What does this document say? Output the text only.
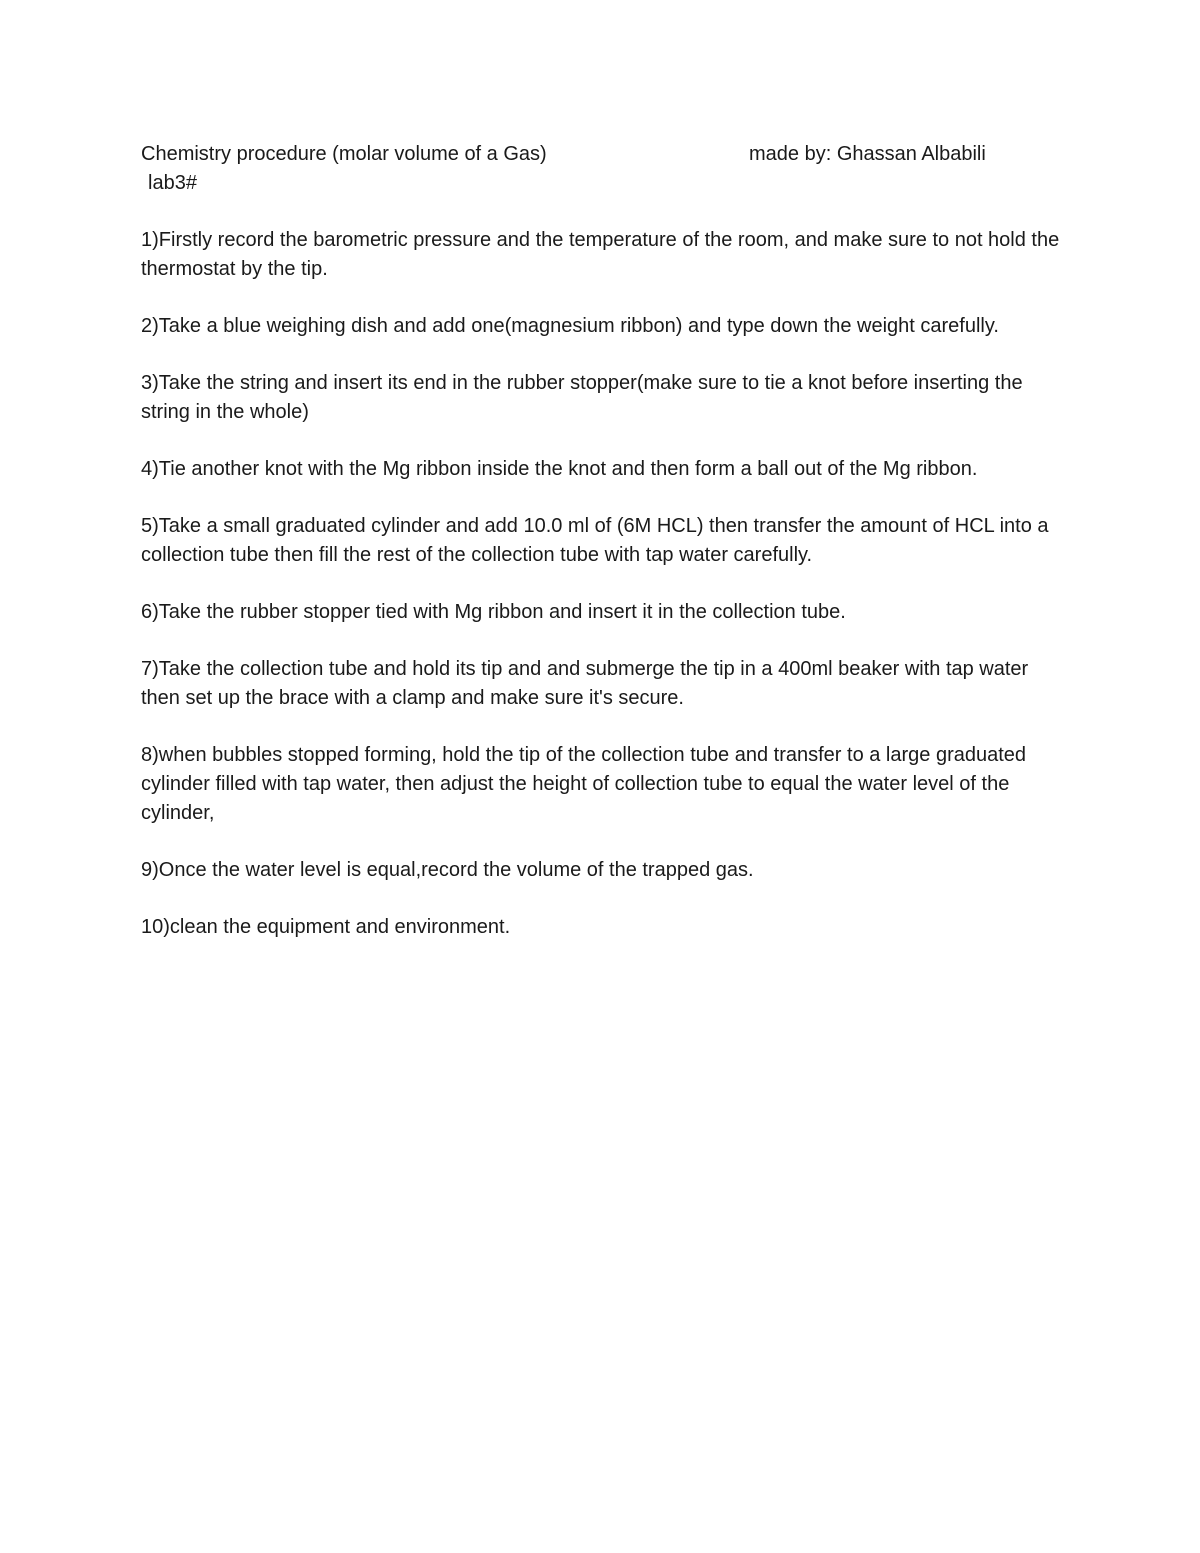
Chemistry procedure (molar volume of a Gas)	made by: Ghassan Albabili
lab3#

1)Firstly record the barometric pressure and the temperature of the room, and make sure to not hold the thermostat by the tip.

2)Take a blue weighing dish and add one(magnesium ribbon) and type down the weight carefully.

3)Take the string and insert its end in the rubber stopper(make sure to tie a knot before inserting the string in the whole)

4)Tie another knot with the Mg ribbon inside the knot and then form a ball out of the Mg ribbon.

5)Take a small graduated cylinder and add 10.0 ml of (6M HCL) then transfer the amount of HCL into a collection tube then fill the rest of the collection tube with tap water carefully.

6)Take the rubber stopper tied with Mg ribbon and insert it in the collection tube.

7)Take the collection tube and hold its tip and and submerge the tip in a 400ml beaker with tap water then set up the brace with a clamp and make sure it's secure.

8)when bubbles stopped forming, hold the tip of the collection tube and transfer to a large graduated cylinder filled with tap water, then adjust the height of collection tube to equal the water level of the cylinder,

9)Once the water level is equal,record the volume of the trapped gas.

10)clean the equipment and environment.
